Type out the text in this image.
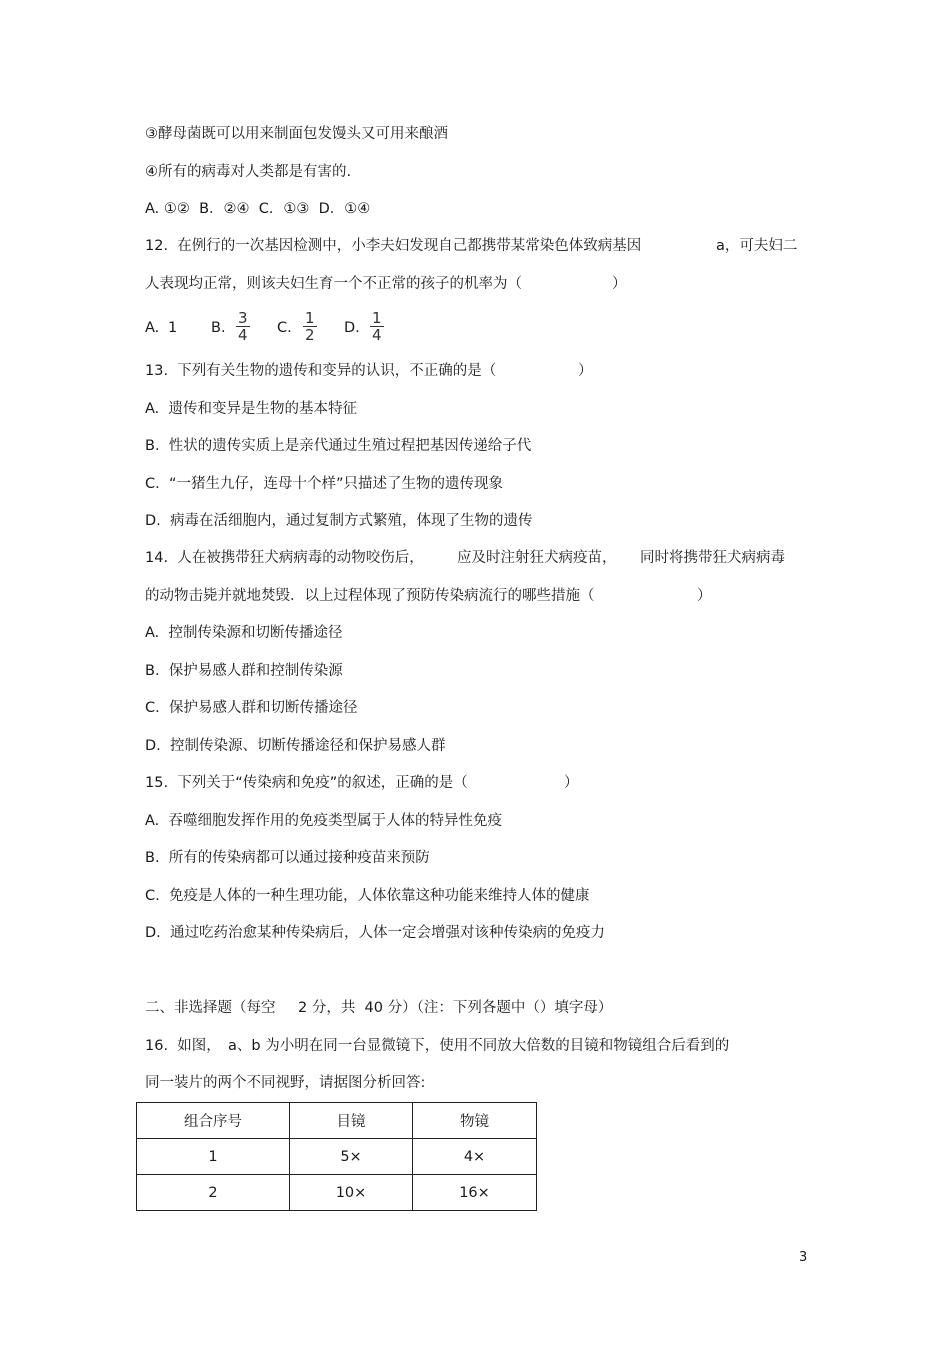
③酵母菌既可以用来制面包发馒头又可用来酿酒
④所有的病毒对人类都是有害的.
A. ①②  B．②④  C．①③  D．①④
12.  在例行的一次基因检测中，小李夫妇发现自己都携带某常染色体致病基因	a，可夫妇二
人表现均正常，则该夫妇生育一个不正常的孩子的机率为（	）
A. 1 B. $\frac{3}{4} C$. $\frac{1}{2} D$. $\frac{1}{4}$
13.  下列有关生物的遗传和变异的认识，不正确的是（	）
A.  遗传和变异是生物的基本特征
B.  性状的遗传实质上是亲代通过生殖过程把基因传递给子代
C.  “一猪生九仔，连母十个样”只描述了生物的遗传现象
D.  病毒在活细胞内，通过复制方式繁殖，体现了生物的遗传
14.  人在被携带狂犬病病毒的动物咬伤后， 应及时注射狂犬病疫苗， 同时将携带狂犬病病毒
的动物击毙并就地焚毁．以上过程体现了预防传染病流行的哪些措施（	）
A.  控制传染源和切断传播途径
B.  保护易感人群和控制传染源
C.  保护易感人群和切断传播途径
D.  控制传染源、切断传播途径和保护易感人群
15.  下列关于“传染病和免疫”的叙述，正确的是（	）
A.  吞噬细胞发挥作用的免疫类型属于人体的特异性免疫
B.  所有的传染病都可以通过接种疫苗来预防
C.  免疫是人体的一种生理功能，人体依靠这种功能来维持人体的健康
D.  通过吃药治愈某种传染病后，人体一定会增强对该种传染病的免疫力
二、非选择题（每空 2 分，共  40 分）（注：下列各题中（）填字母）
16.  如图， a、b 为小明在同一台显微镜下，使用不同放大倍数的目镜和物镜组合后看到的
同一装片的两个不同视野，请据图分析回答:
组合序号	目镜	物镜
1	5×	4×
2	10×	16×
3
